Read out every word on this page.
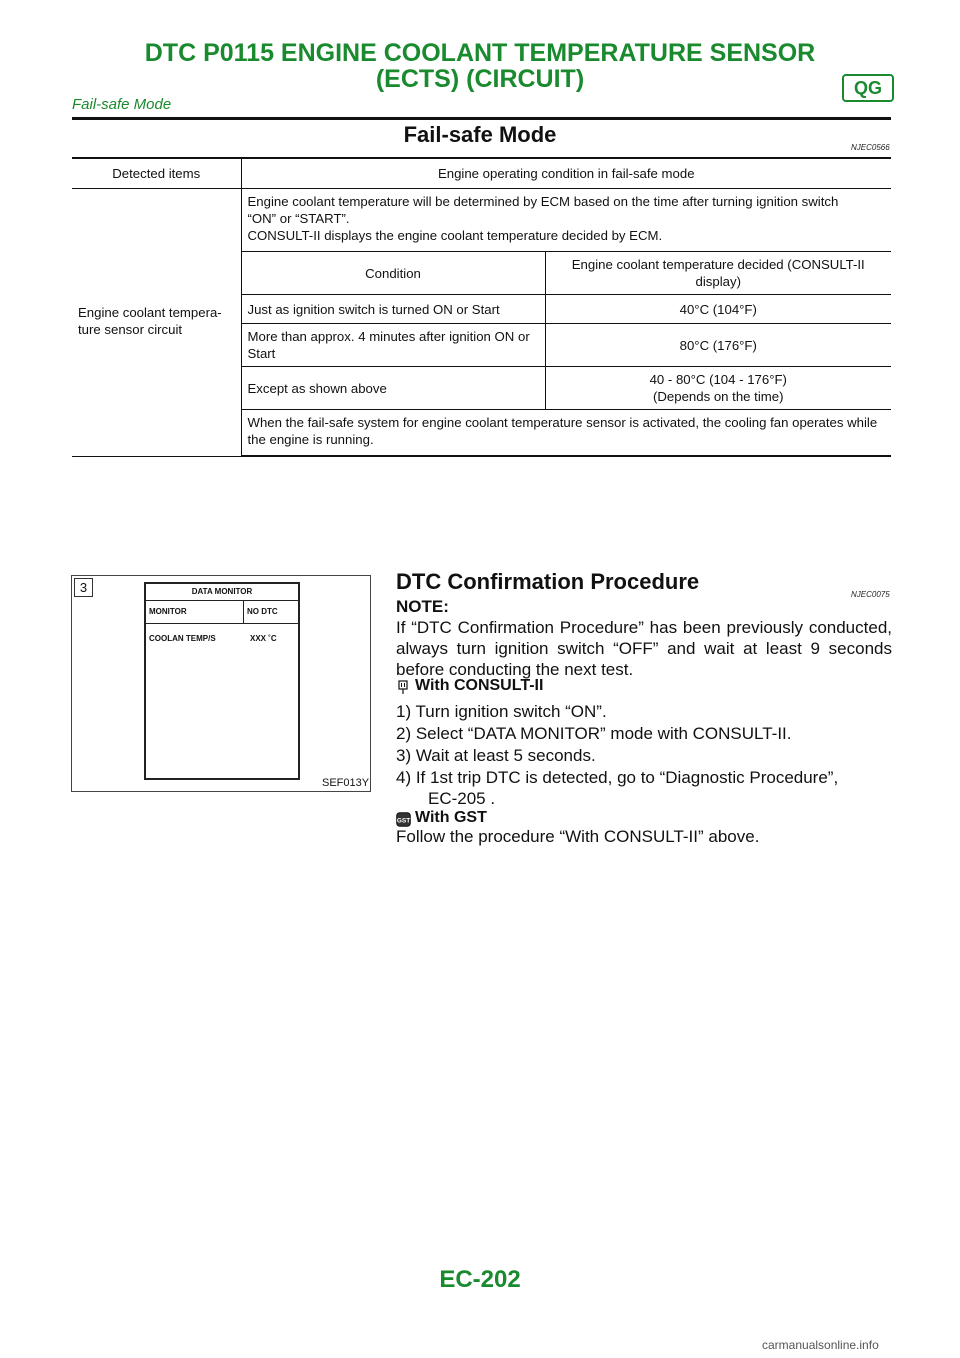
DTC P0115 ENGINE COOLANT TEMPERATURE SENSOR
(ECTS) (CIRCUIT)	QG
Fail-safe Mode
Fail-safe Mode
NJEC0566
Detected items	Engine operating condition in fail-safe mode	
Engine coolant tempera-ture sensor circuit	Engine coolant temperature will be determined by ECM based on the time after turning ignition switch
“ON” or “START”.
CONSULT-II displays the engine coolant temperature decided by ECM.	

	Condition	Engine coolant temperature decided (CONSULT-II display)
	Just as ignition switch is turned ON or Start	40°C (104°F)
	More than approx. 4 minutes after ignition ON or Start	80°C (176°F)
	Except as shown above	40 - 80°C (104 - 176°F)
(Depends on the time)

	When the fail-safe system for engine coolant temperature sensor is activated, the cooling fan operates while the engine is running.	
3	DATA MONITOR
MONITOR	NO DTC
COOLAN TEMP/S	XXX ˚C
SEF013Y
DTC Confirmation Procedure
NJEC0075
NOTE:
If “DTC Confirmation Procedure” has been previously conducted, always turn ignition switch “OFF” and wait at least 9 seconds before conducting the next test.
With CONSULT-II
1) Turn ignition switch “ON”.
2) Select “DATA MONITOR” mode with CONSULT-II.
3) Wait at least 5 seconds.
4) If 1st trip DTC is detected, go to “Diagnostic Procedure”,
EC-205 .
GST With GST
Follow the procedure “With CONSULT-II” above.
EC-202
carmanualsonline.info
